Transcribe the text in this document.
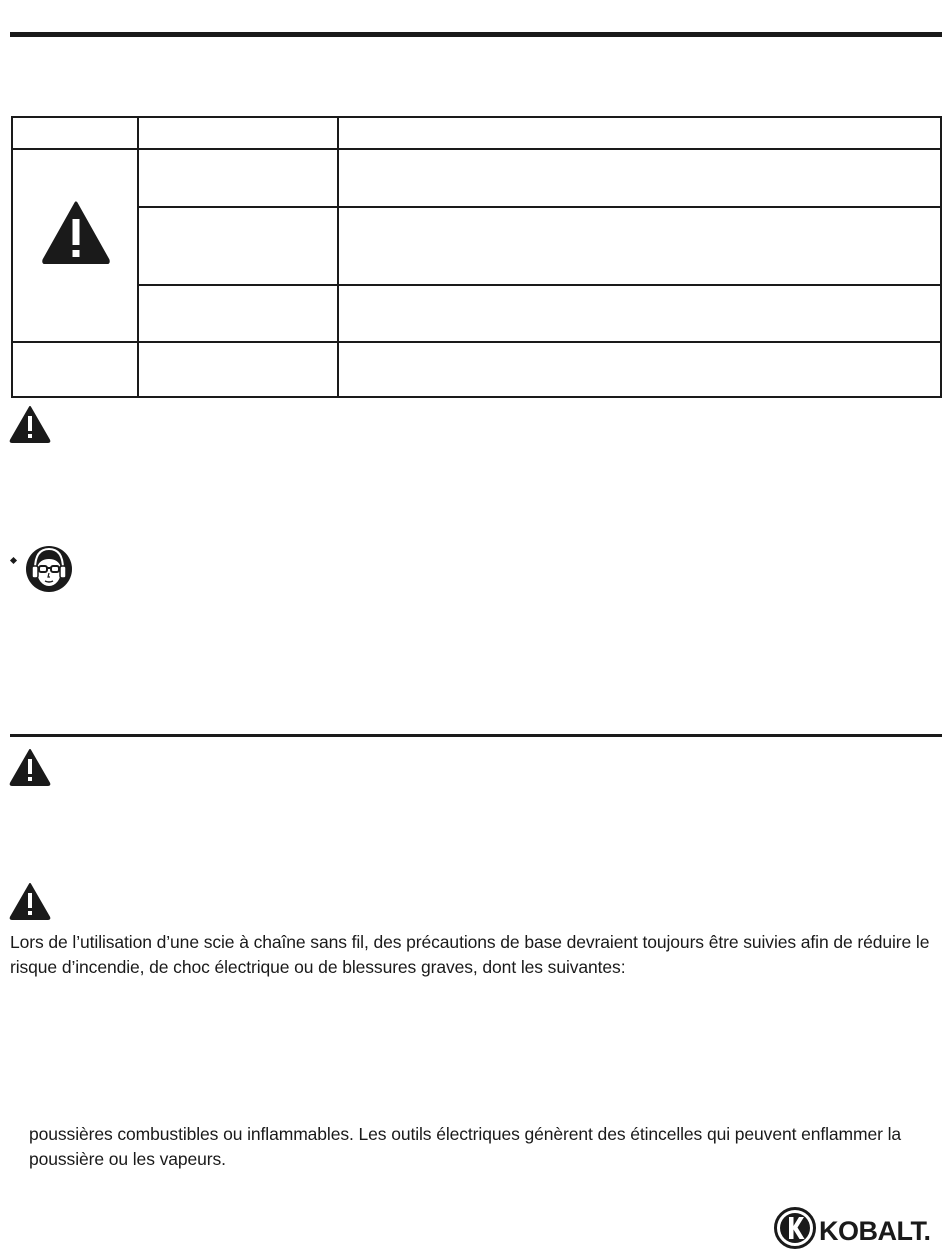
Lors de l’utilisation d’une scie à chaîne sans fil, des précautions de base devraient toujours être suivies afin de réduire le risque d’incendie, de choc électrique ou de blessures graves, dont les suivantes:

poussières combustibles ou inflammables. Les outils électriques génèrent des étincelles qui peuvent enflammer la poussière ou les vapeurs.

KOBALT.
